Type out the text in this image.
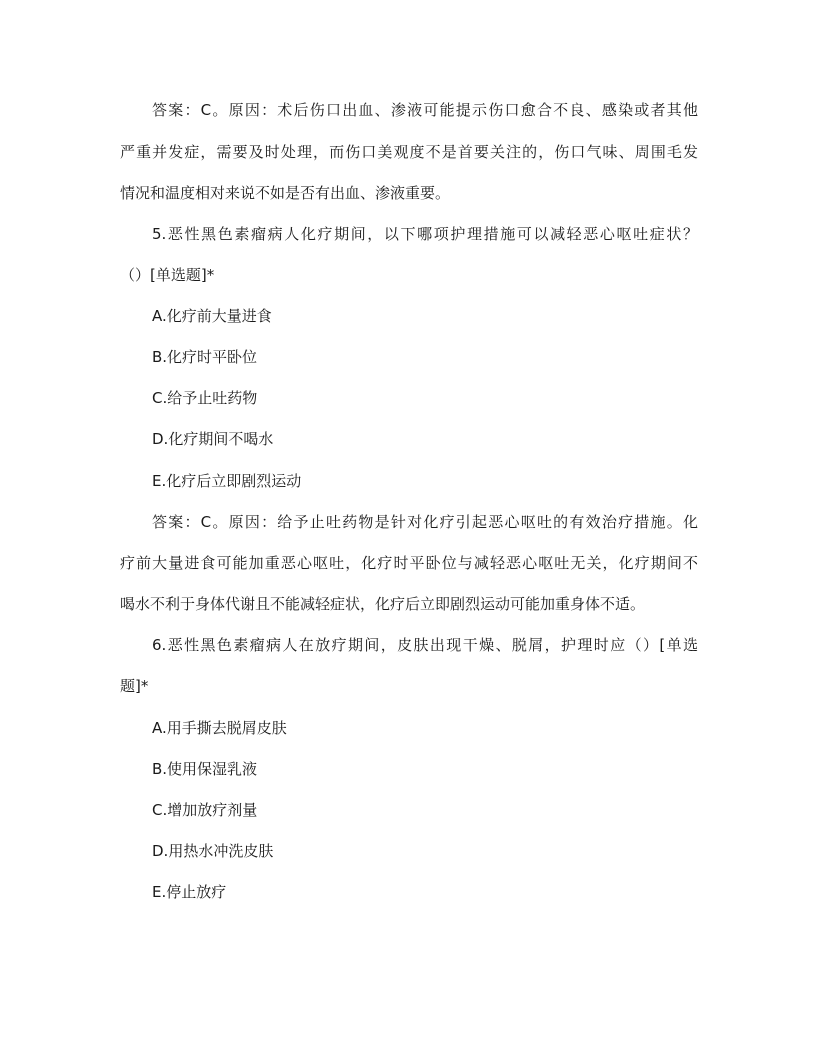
答案：C。原因：术后伤口出血、渗液可能提示伤口愈合不良、感染或者其他
严重并发症，需要及时处理，而伤口美观度不是首要关注的，伤口气味、周围毛发
情况和温度相对来说不如是否有出血、渗液重要。
5.恶性黑色素瘤病人化疗期间，以下哪项护理措施可以减轻恶心呕吐症状？
（）[单选题]*
A.化疗前大量进食
B.化疗时平卧位
C.给予止吐药物
D.化疗期间不喝水
E.化疗后立即剧烈运动
答案：C。原因：给予止吐药物是针对化疗引起恶心呕吐的有效治疗措施。化
疗前大量进食可能加重恶心呕吐，化疗时平卧位与减轻恶心呕吐无关，化疗期间不
喝水不利于身体代谢且不能减轻症状，化疗后立即剧烈运动可能加重身体不适。
6.恶性黑色素瘤病人在放疗期间，皮肤出现干燥、脱屑，护理时应（）[单选
题]*
A.用手撕去脱屑皮肤
B.使用保湿乳液
C.增加放疗剂量
D.用热水冲洗皮肤
E.停止放疗
